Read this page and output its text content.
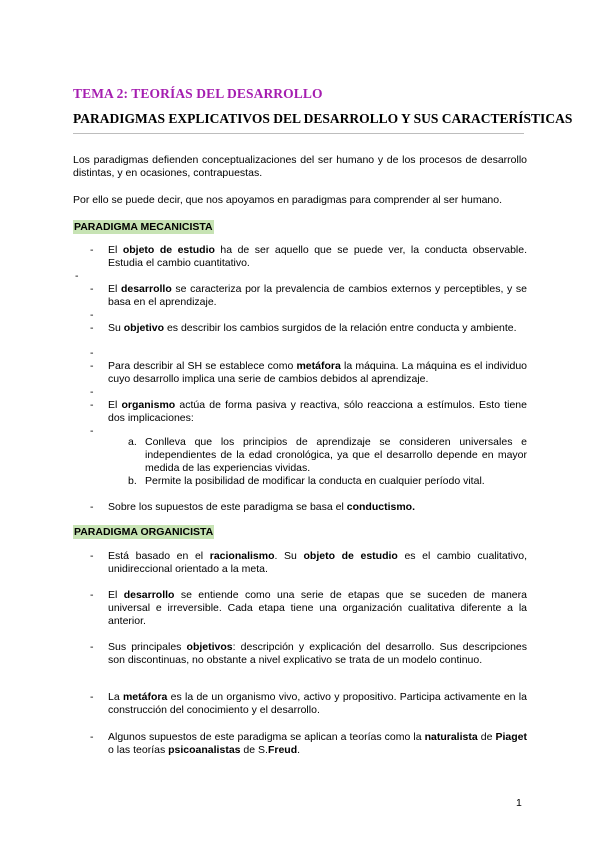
TEMA 2: TEORÍAS DEL DESARROLLO
PARADIGMAS EXPLICATIVOS DEL DESARROLLO Y SUS CARACTERÍSTICAS

Los paradigmas defienden conceptualizaciones del ser humano y de los procesos de desarrollo distintas, y en ocasiones, contrapuestas.

Por ello se puede decir, que nos apoyamos en paradigmas para comprender al ser humano.

PARADIGMA MECANICISTA
- El objeto de estudio ha de ser aquello que se puede ver, la conducta observable. Estudia el cambio cuantitativo.
-
- El desarrollo se caracteriza por la prevalencia de cambios externos y perceptibles, y se basa en el aprendizaje.
-
- Su objetivo es describir los cambios surgidos de la relación entre conducta y ambiente.
-
- Para describir al SH se establece como metáfora la máquina. La máquina es el individuo cuyo desarrollo implica una serie de cambios debidos al aprendizaje.
-
- El organismo actúa de forma pasiva y reactiva, sólo reacciona a estímulos. Esto tiene dos implicaciones:
-
a. Conlleva que los principios de aprendizaje se consideren universales e independientes de la edad cronológica, ya que el desarrollo depende en mayor medida de las experiencias vividas.
b. Permite la posibilidad de modificar la conducta en cualquier período vital.
- Sobre los supuestos de este paradigma se basa el conductismo.
PARADIGMA ORGANICISTA
- Está basado en el racionalismo. Su objeto de estudio es el cambio cualitativo, unidireccional orientado a la meta.
- El desarrollo se entiende como una serie de etapas que se suceden de manera universal e irreversible. Cada etapa tiene una organización cualitativa diferente a la anterior.
- Sus principales objetivos: descripción y explicación del desarrollo. Sus descripciones son discontinuas, no obstante a nivel explicativo se trata de un modelo continuo.
- La metáfora es la de un organismo vivo, activo y propositivo. Participa activamente en la construcción del conocimiento y el desarrollo.
- Algunos supuestos de este paradigma se aplican a teorías como la naturalista de Piaget o las teorías psicoanalistas de S.Freud.
1
